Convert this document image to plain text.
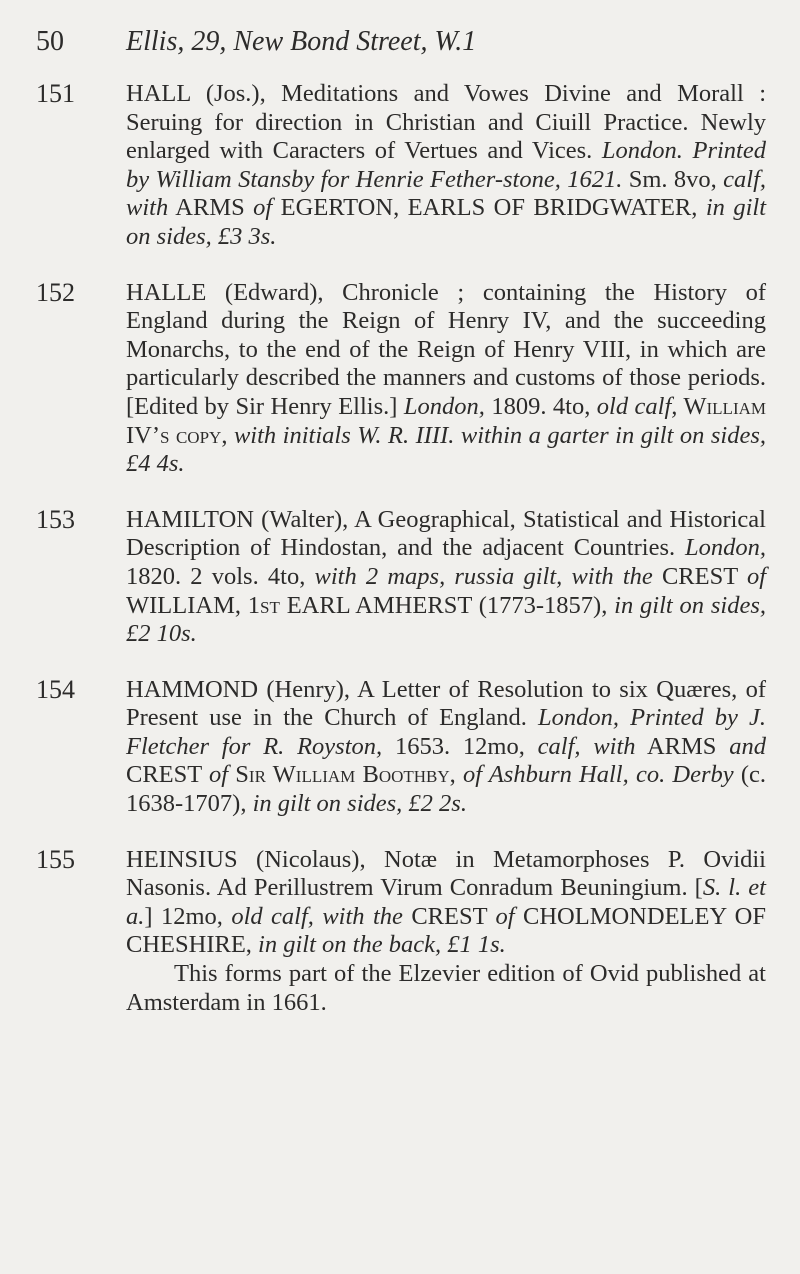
50 Ellis, 29, New Bond Street, W.1
151 HALL (Jos.), Meditations and Vowes Divine and Morall : Seruing for direction in Christian and Ciuill Practice. Newly enlarged with Caracters of Vertues and Vices. London. Printed by William Stansby for Henrie Fether-stone, 1621. Sm. 8vo, calf, with ARMS of EGERTON, EARLS OF BRIDGWATER, in gilt on sides, £3 3s.
152 HALLE (Edward), Chronicle ; containing the History of England during the Reign of Henry IV, and the succeeding Monarchs, to the end of the Reign of Henry VIII, in which are particularly described the manners and customs of those periods. [Edited by Sir Henry Ellis.] London, 1809. 4to, old calf, William IV’s copy, with initials W. R. IIII. within a garter in gilt on sides, £4 4s.
153 HAMILTON (Walter), A Geographical, Statistical and Historical Description of Hindostan, and the adjacent Countries. London, 1820. 2 vols. 4to, with 2 maps, russia gilt, with the CREST of WILLIAM, 1st EARL AMHERST (1773-1857), in gilt on sides, £2 10s.
154 HAMMOND (Henry), A Letter of Resolution to six Quæres, of Present use in the Church of England. London, Printed by J. Fletcher for R. Royston, 1653. 12mo, calf, with ARMS and CREST of Sir William Boothby, of Ashburn Hall, co. Derby (c. 1638-1707), in gilt on sides, £2 2s.
155 HEINSIUS (Nicolaus), Notæ in Metamorphoses P. Ovidii Nasonis. Ad Perillustrem Virum Conradum Beuningium. [S. l. et a.] 12mo, old calf, with the CREST of CHOLMONDELEY OF CHESHIRE, in gilt on the back, £1 1s.
This forms part of the Elzevier edition of Ovid published at Amsterdam in 1661.
